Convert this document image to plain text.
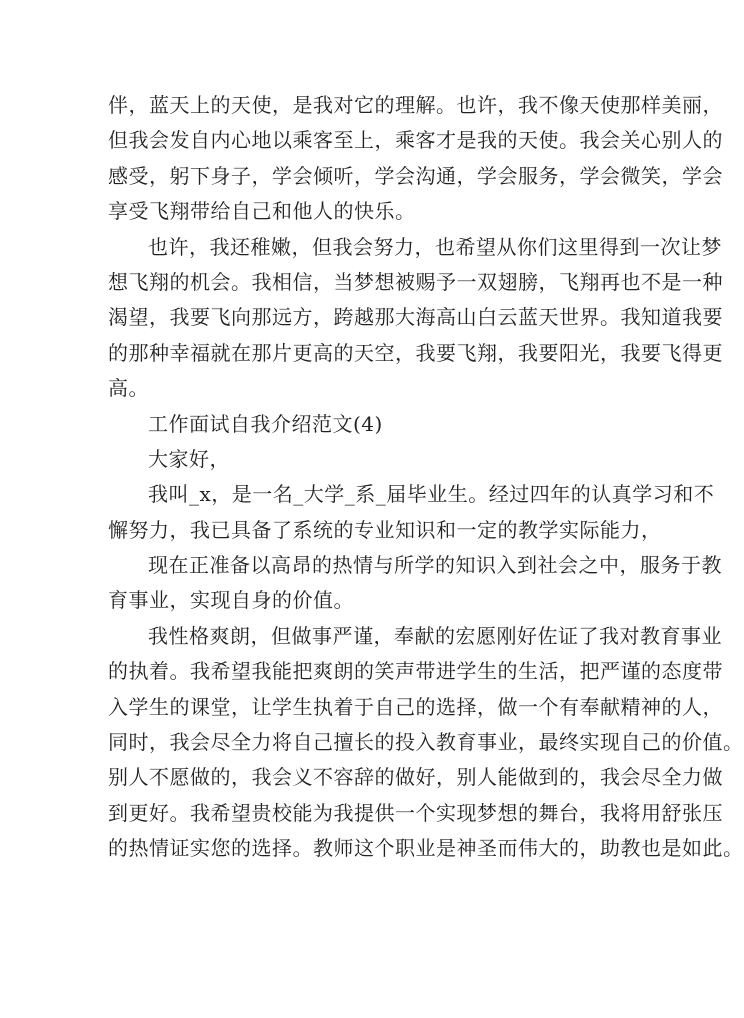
伴，蓝天上的天使，是我对它的理解。也许，我不像天使那样美丽，
但我会发自内心地以乘客至上，乘客才是我的天使。我会关心别人的
感受，躬下身子，学会倾听，学会沟通，学会服务，学会微笑，学会
享受飞翔带给自己和他人的快乐。
也许，我还稚嫩，但我会努力，也希望从你们这里得到一次让梦
想飞翔的机会。我相信，当梦想被赐予一双翅膀，飞翔再也不是一种
渴望，我要飞向那远方，跨越那大海高山白云蓝天世界。我知道我要
的那种幸福就在那片更高的天空，我要飞翔，我要阳光，我要飞得更
高。
工作面试自我介绍范文(4)
大家好，
我叫_x，是一名_大学_系_届毕业生。经过四年的认真学习和不
懈努力，我已具备了系统的专业知识和一定的教学实际能力，
现在正准备以高昂的热情与所学的知识入到社会之中，服务于教
育事业，实现自身的价值。
我性格爽朗，但做事严谨，奉献的宏愿刚好佐证了我对教育事业
的执着。我希望我能把爽朗的笑声带进学生的生活，把严谨的态度带
入学生的课堂，让学生执着于自己的选择，做一个有奉献精神的人，
同时，我会尽全力将自己擅长的投入教育事业，最终实现自己的价值。
别人不愿做的，我会义不容辞的做好，别人能做到的，我会尽全力做
到更好。我希望贵校能为我提供一个实现梦想的舞台，我将用舒张压
的热情证实您的选择。教师这个职业是神圣而伟大的，助教也是如此。
